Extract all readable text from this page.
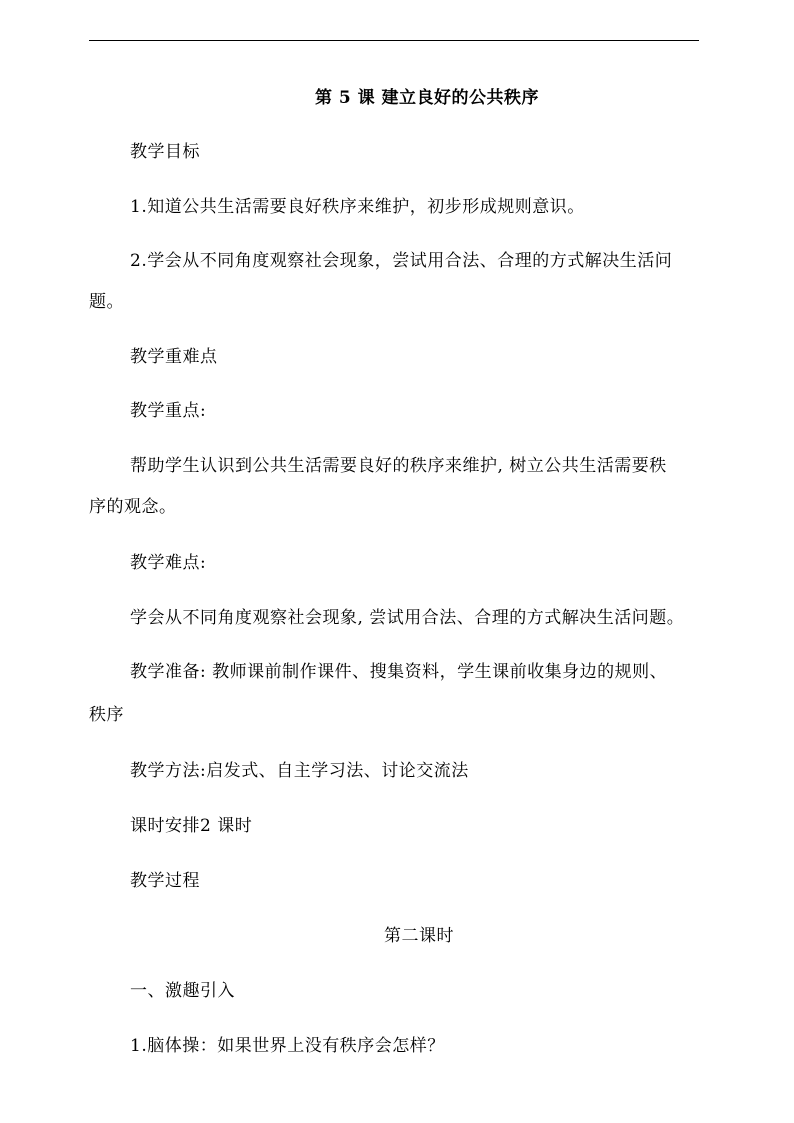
第 5 课 建立良好的公共秩序
教学目标
1.知道公共生活需要良好秩序来维护，初步形成规则意识。
2.学会从不同角度观察社会现象，尝试用合法、合理的方式解决生活问
题。
教学重难点
教学重点:
帮助学生认识到公共生活需要良好的秩序来维护, 树立公共生活需要秩
序的观念。
教学难点:
学会从不同角度观察社会现象, 尝试用合法、合理的方式解决生活问题。
教学准备: 教师课前制作课件、搜集资料，学生课前收集身边的规则、
秩序
教学方法:启发式、自主学习法、讨论交流法
课时安排2 课时
教学过程
第二课时
一、激趣引入
1.脑体操：如果世界上没有秩序会怎样？
